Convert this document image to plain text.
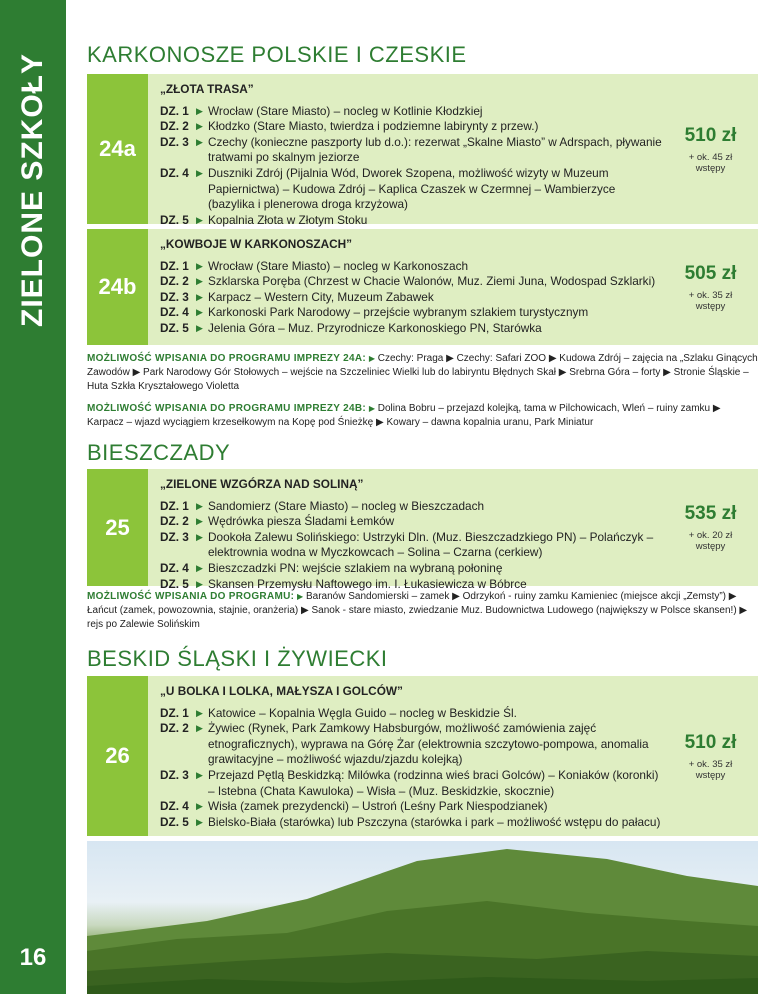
ZIELONE SZKOŁY
16
KARKONOSZE POLSKIE I CZESKIE
24a
„ZŁOTA TRASA”
DZ. 1 ▶ Wrocław (Stare Miasto) – nocleg w Kotlinie Kłodzkiej
DZ. 2 ▶ Kłodzko (Stare Miasto, twierdza i podziemne labirynty z przew.)
DZ. 3 ▶ Czechy (konieczne paszporty lub d.o.): rezerwat „Skalne Miasto” w Adrspach, pływanie tratwami po skalnym jeziorze
DZ. 4 ▶ Duszniki Zdrój (Pijalnia Wód, Dworek Szopena, możliwość wizyty w Muzeum Papiernictwa) – Kudowa Zdrój – Kaplica Czaszek w Czermnej – Wambierzyce (bazylika i plenerowa droga krzyżowa)
DZ. 5 ▶ Kopalnia Złota w Złotym Stoku
510 zł
+ ok. 45 zł wstępy
24b
„KOWBOJE W KARKONOSZACH”
DZ. 1 ▶ Wrocław (Stare Miasto) – nocleg w Karkonoszach
DZ. 2 ▶ Szklarska Poręba (Chrzest w Chacie Walonów, Muz. Ziemi Juna, Wodospad Szklarki)
DZ. 3 ▶ Karpacz – Western City, Muzeum Zabawek
DZ. 4 ▶ Karkonoski Park Narodowy – przejście wybranym szlakiem turystycznym
DZ. 5 ▶ Jelenia Góra – Muz. Przyrodnicze Karkonoskiego PN, Starówka
505 zł
+ ok. 35 zł wstępy
MOŻLIWOŚĆ WPISANIA DO PROGRAMU IMPREZY 24A: ▶ Czechy: Praga ▶ Czechy: Safari ZOO ▶ Kudowa Zdrój – zajęcia na „Szlaku Ginących Zawodów ▶ Park Narodowy Gór Stołowych – wejście na Szczeliniec Wielki lub do labiryntu Błędnych Skał ▶ Srebrna Góra – forty ▶ Stronie Śląskie – Huta Szkła Kryształowego Violetta
MOŻLIWOŚĆ WPISANIA DO PROGRAMU IMPREZY 24B: ▶ Dolina Bobru – przejazd kolejką, tama w Pilchowicach, Wleń – ruiny zamku ▶ Karpacz – wjazd wyciągiem krzesełkowym na Kopę pod Śnieżkę ▶ Kowary – dawna kopalnia uranu, Park Miniatur
BIESZCZADY
25
„ZIELONE WZGÓRZA NAD SOLINĄ”
DZ. 1 ▶ Sandomierz (Stare Miasto) – nocleg w Bieszczadach
DZ. 2 ▶ Wędrówka piesza Śladami Łemków
DZ. 3 ▶ Dookoła Zalewu Solińskiego: Ustrzyki Dln. (Muz. Bieszczadzkiego PN) – Polańczyk – elektrownia wodna w Myczkowcach – Solina – Czarna (cerkiew)
DZ. 4 ▶ Bieszczadzki PN: wejście szlakiem na wybraną połoninę
DZ. 5 ▶ Skansen Przemysłu Naftowego im. I. Łukasiewicza w Bóbrce
535 zł
+ ok. 20 zł wstępy
MOŻLIWOŚĆ WPISANIA DO PROGRAMU: ▶ Baranów Sandomierski – zamek ▶ Odrzykoń - ruiny zamku Kamieniec (miejsce akcji „Zemsty”) ▶ Łańcut (zamek, powozownia, stajnie, oranżeria) ▶ Sanok - stare miasto, zwiedzanie Muz. Budownictwa Ludowego (największy w Polsce skansen!) ▶ rejs po Zalewie Solińskim
BESKID ŚLĄSKI I ŻYWIECKI
26
„U BOLKA I LOLKA, MAŁYSZA I GOLCÓW”
DZ. 1 ▶ Katowice – Kopalnia Węgla Guido – nocleg w Beskidzie Śl.
DZ. 2 ▶ Żywiec (Rynek, Park Zamkowy Habsburgów, możliwość zamówienia zajęć etnograficznych), wyprawa na Górę Żar (elektrownia szczytowo-pompowa, anomalia grawitacyjne – możliwość wjazdu/zjazdu kolejką)
DZ. 3 ▶ Przejazd Pętlą Beskidzką: Milówka (rodzinna wieś braci Golców) – Koniaków (koronki) – Istebna (Chata Kawuloka) – Wisła – (Muz. Beskidzkie, skocznie)
DZ. 4 ▶ Wisła (zamek prezydencki) – Ustroń (Leśny Park Niespodzianek)
DZ. 5 ▶ Bielsko-Biała (starówka) lub Pszczyna (starówka i park – możliwość wstępu do pałacu)
510 zł
+ ok. 35 zł wstępy
